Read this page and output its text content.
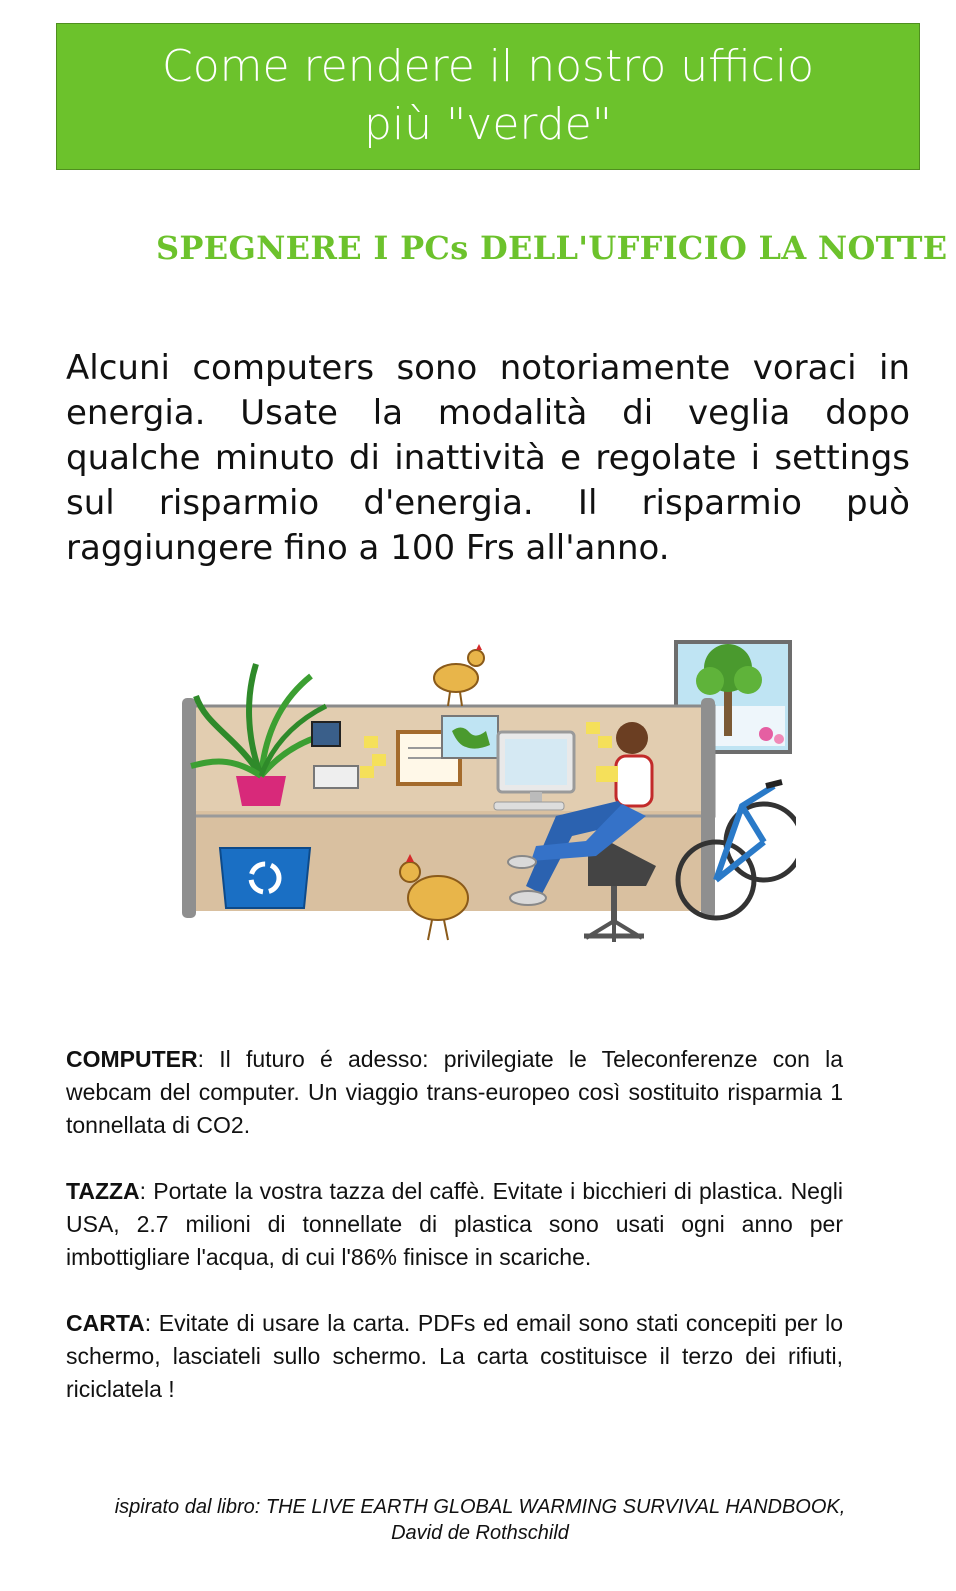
Come rendere il nostro ufficio
più "verde"
SPEGNERE I PCs DELL'UFFICIO LA NOTTE
Alcuni computers sono notoriamente voraci in energia. Usate la modalità di veglia dopo qualche minuto di inattività e regolate i settings sul risparmio d'energia. Il risparmio può raggiungere fino a 100 Frs all'anno.

COMPUTER: Il futuro é adesso: privilegiate le Teleconferenze con la webcam del computer. Un viaggio trans-europeo così sostituito risparmia 1 tonnellata di CO2.

TAZZA: Portate la vostra tazza del caffè. Evitate i bicchieri di plastica. Negli USA, 2.7 milioni di tonnellate di plastica sono usati ogni anno per imbottigliare l'acqua, di cui l'86% finisce in scariche.

CARTA: Evitate di usare la carta. PDFs ed email sono stati concepiti per lo schermo, lasciateli sullo schermo. La carta costituisce il terzo dei rifiuti, riciclatela !

ispirato dal libro: THE LIVE EARTH GLOBAL WARMING SURVIVAL HANDBOOK,
David de Rothschild
